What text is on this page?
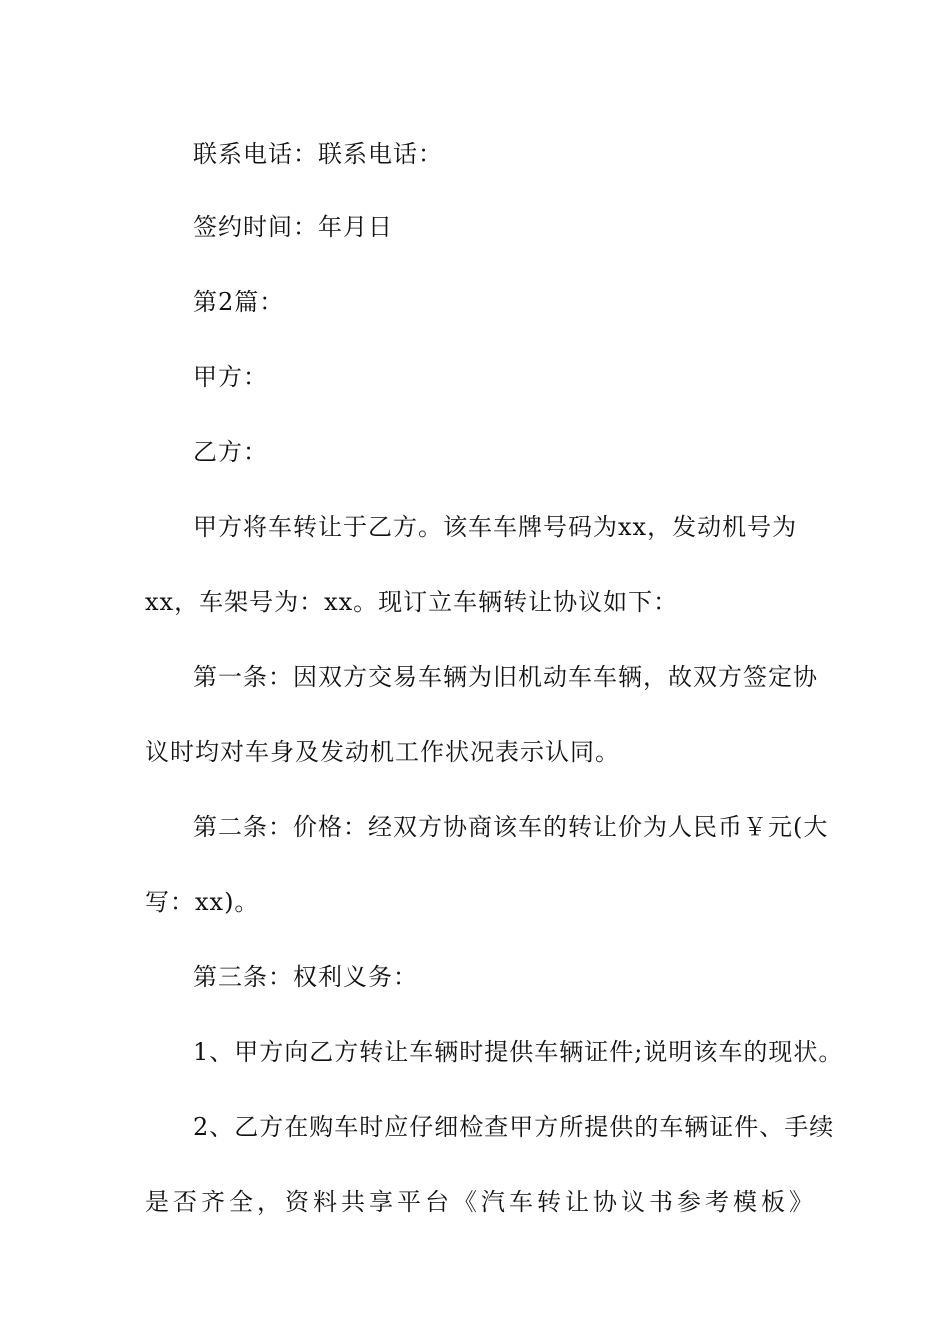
联系电话：联系电话：
签约时间：年月日
第2篇：
甲方：
乙方：
甲方将车转让于乙方。该车车牌号码为xx，发动机号为
xx，车架号为：xx。现订立车辆转让协议如下：
第一条：因双方交易车辆为旧机动车车辆，故双方签定协
议时均对车身及发动机工作状况表示认同。
第二条：价格：经双方协商该车的转让价为人民币￥元(大
写：xx)。
第三条：权利义务：
1、甲方向乙方转让车辆时提供车辆证件;说明该车的现状。
2、乙方在购车时应仔细检查甲方所提供的车辆证件、手续
是否齐全，资料共享平台《汽车转让协议书参考模板》
